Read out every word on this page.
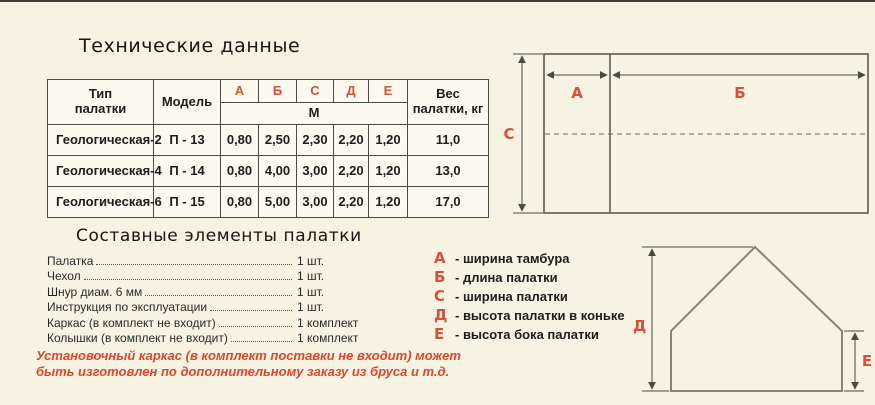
Технические данные
Тип
палатки	Модель	А	Б	С	Д	Е	Вес
палатки, кг
		М					
Геологическая-2	П - 13	0,80	2,50	2,30	2,20	1,20	11,0
Геологическая-4	П - 14	0,80	4,00	3,00	2,20	1,20	13,0
Геологическая-6	П - 15	0,80	5,00	3,00	2,20	1,20	17,0
Составные элементы палатки
Палатка	1 шт.
Чехол	1 шт.
Шнур диам. 6 мм	1 шт.
Инструкция по эксплуатации	1 шт.
Каркас (в комплект не входит)	1 комплект
Колышки (в комплект не входит)	1 комплект
А - ширина тамбура
Б - длина палатки
С - ширина палатки
Д - высота палатки в коньке
Е - высота бока палатки
Установочный каркас (в комплект поставки не входит) может
быть изготовлен по дополнительному заказу из бруса и т.д.
А	Б
С
Д
Е
